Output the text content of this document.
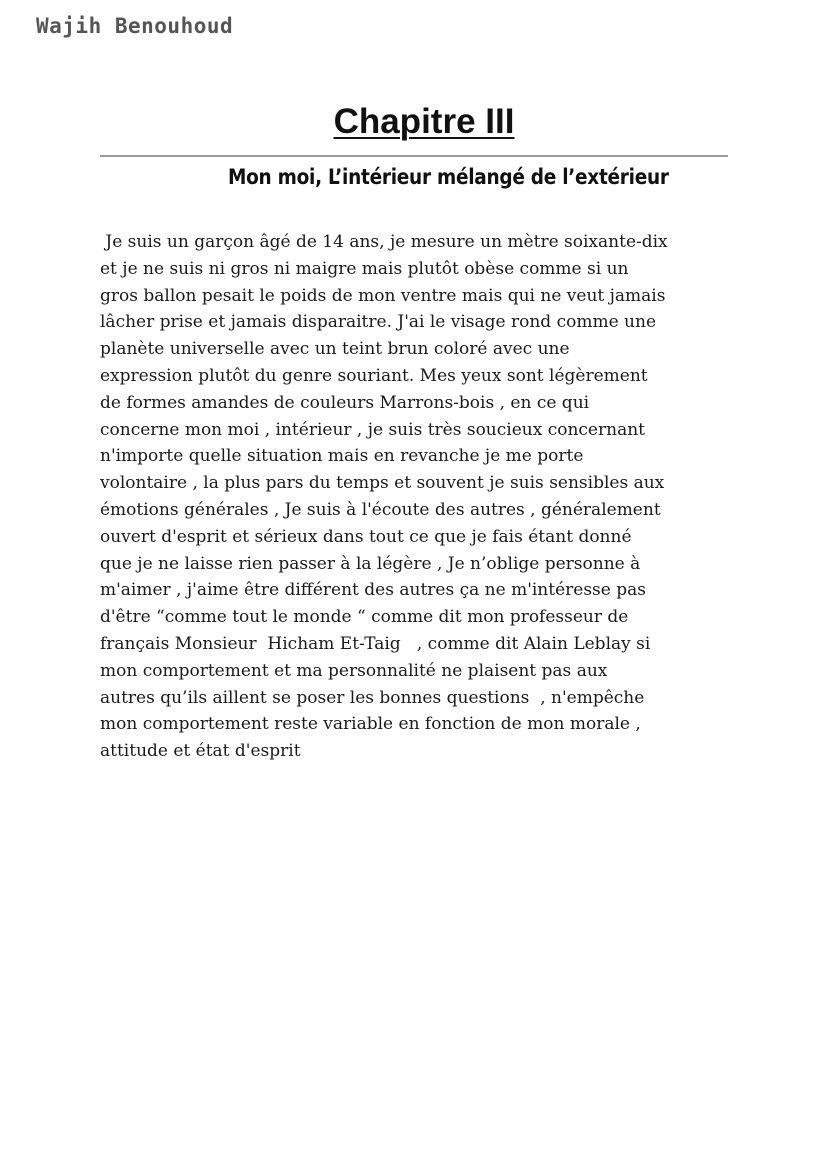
Wajih Benouhoud
Chapitre III
Mon moi, L’intérieur mélangé de l’extérieur
Je suis un garçon âgé de 14 ans, je mesure un mètre soixante-dix
et je ne suis ni gros ni maigre mais plutôt obèse comme si un
gros ballon pesait le poids de mon ventre mais qui ne veut jamais
lâcher prise et jamais disparaitre. J'ai le visage rond comme une
planète universelle avec un teint brun coloré avec une
expression plutôt du genre souriant. Mes yeux sont légèrement
de formes amandes de couleurs Marrons-bois , en ce qui
concerne mon moi , intérieur , je suis très soucieux concernant
n'importe quelle situation mais en revanche je me porte
volontaire , la plus pars du temps et souvent je suis sensibles aux
émotions générales , Je suis à l'écoute des autres , généralement
ouvert d'esprit et sérieux dans tout ce que je fais étant donné
que je ne laisse rien passer à la légère , Je n’oblige personne à
m'aimer , j'aime être différent des autres ça ne m'intéresse pas
d'être “comme tout le monde “ comme dit mon professeur de
français Monsieur  Hicham Et-Taig   , comme dit Alain Leblay si
mon comportement et ma personnalité ne plaisent pas aux
autres qu’ils aillent se poser les bonnes questions  , n'empêche
mon comportement reste variable en fonction de mon morale ,
attitude et état d'esprit
